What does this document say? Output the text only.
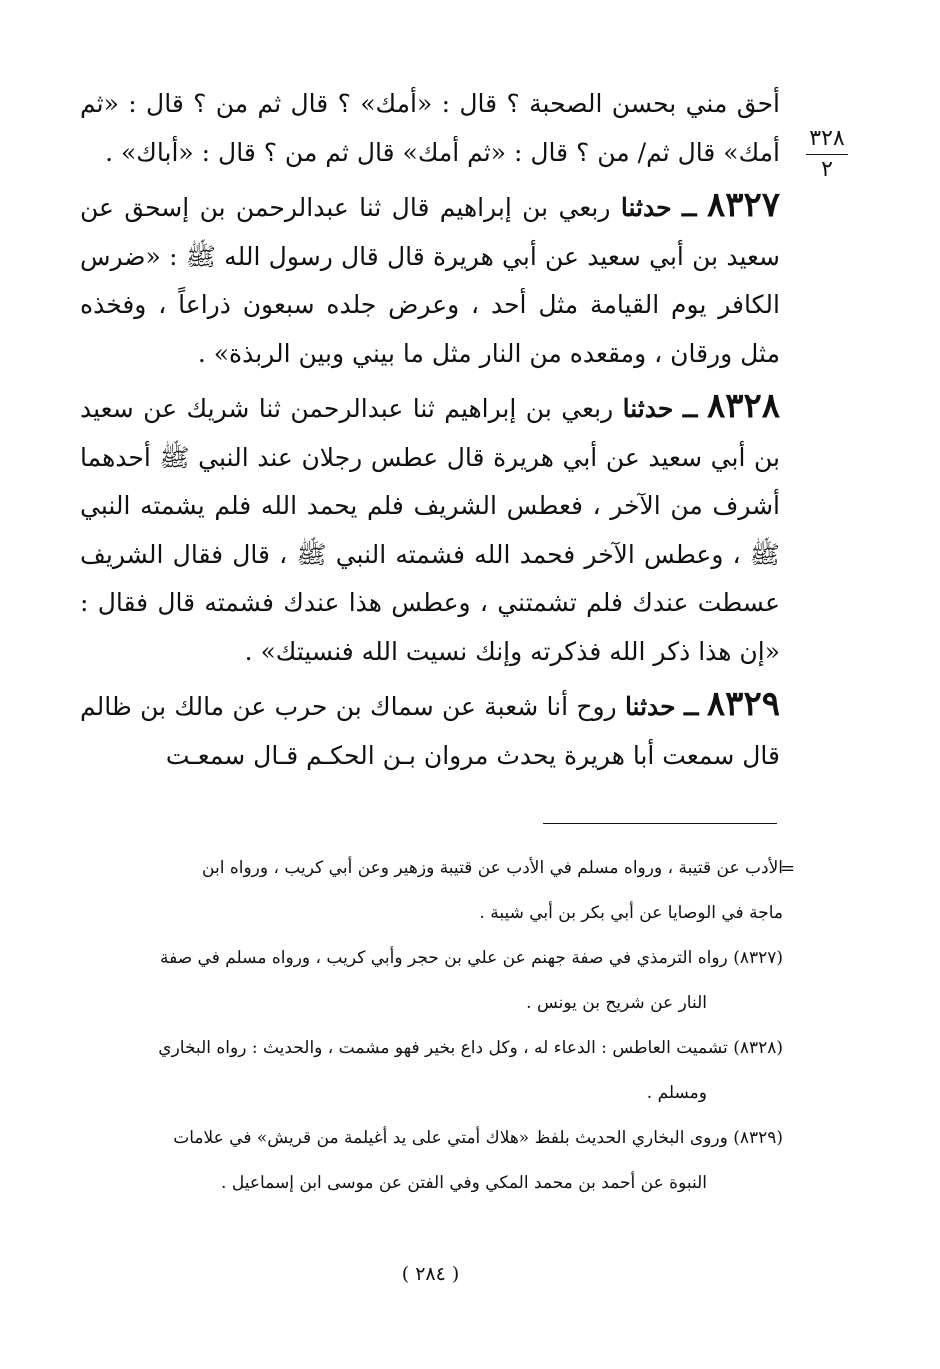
٣٢٨
٢

أحق مني بحسن الصحبة ؟ قال : «أمك» ؟ قال ثم من ؟ قال : «ثم أمك» قال ثم/ من ؟ قال : «ثم أمك» قال ثم من ؟ قال : «أباك» .

٨٣٢٧ ــ حدثنا ربعي بن إبراهيم قال ثنا عبدالرحمن بن إسحق عن سعيد بن أبي سعيد عن أبي هريرة قال قال رسول الله ﷺ : «ضرس الكافر يوم القيامة مثل أحد ، وعرض جلده سبعون ذراعاً ، وفخذه مثل ورقان ، ومقعده من النار مثل ما بيني وبين الربذة» .

٨٣٢٨ ــ حدثنا ربعي بن إبراهيم ثنا عبدالرحمن ثنا شريك عن سعيد بن أبي سعيد عن أبي هريرة قال عطس رجلان عند النبي ﷺ أحدهما أشرف من الآخر ، فعطس الشريف فلم يحمد الله فلم يشمته النبي ﷺ ، وعطس الآخر فحمد الله فشمته النبي ﷺ ، قال فقال الشريف عسطت عندك فلم تشمتني ، وعطس هذا عندك فشمته قال فقال : «إن هذا ذكر الله فذكرته وإنك نسيت الله فنسيتك» .

٨٣٢٩ ــ حدثنا روح أنا شعبة عن سماك بن حرب عن مالك بن ظالم قال سمعت أبا هريرة يحدث مروان بـن الحكـم قـال سمعـت

=
الأدب عن قتيبة ، ورواه مسلم في الأدب عن قتيبة وزهير وعن أبي كريب ، ورواه ابن
ماجة في الوصايا عن أبي بكر بن أبي شيبة .
(٨٣٢٧) رواه الترمذي في صفة جهنم عن علي بن حجر وأبي كريب ، ورواه مسلم في صفة
النار عن شريح بن يونس .
(٨٣٢٨) تشميت العاطس : الدعاء له ، وكل داع بخير فهو مشمت ، والحديث : رواه البخاري
ومسلم .
(٨٣٢٩) وروى البخاري الحديث بلفظ «هلاك أمتي على يد أغيلمة من قريش» في علامات
النبوة عن أحمد بن محمد المكي وفي الفتن عن موسى ابن إسماعيل .
( ٢٨٤ )
